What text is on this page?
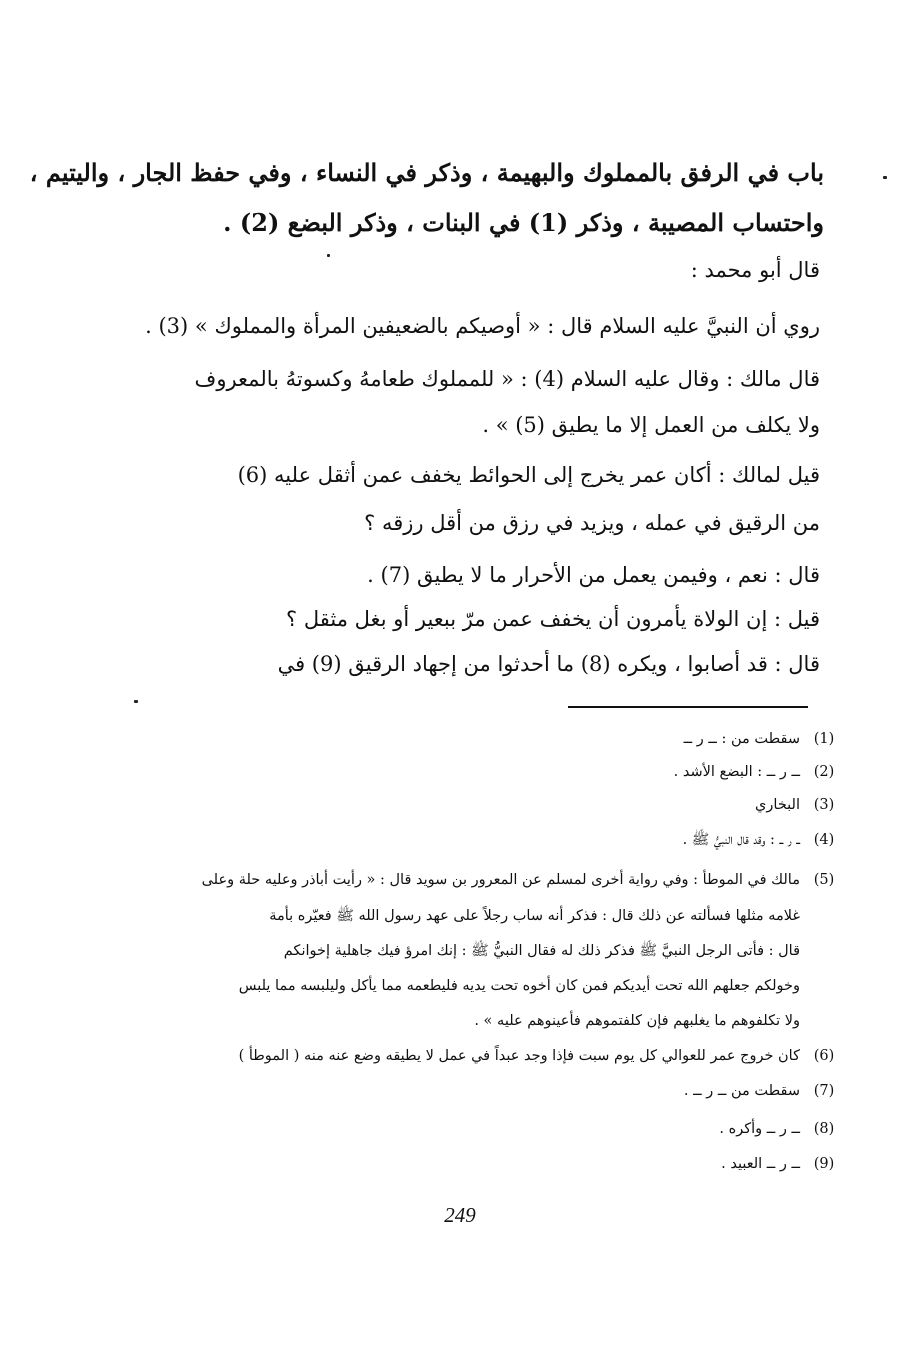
باب في الرفق بالمملوك والبهيمة ، وذكر في النساء ، وفي حفظ الجار ، واليتيم ،
واحتساب المصيبة ، وذكر (1) في البنات ، وذكر البضع (2) .
قال أبو محمد :
روي أن النبيَّ عليه السلام قال : « أوصيكم بالضعيفين المرأة والمملوك » (3) .
قال مالك : وقال عليه السلام (4) : « للمملوك طعامهُ وكسوتهُ بالمعروف
ولا يكلف من العمل إلا ما يطيق (5) » .
قيل لمالك : أكان عمر يخرج إلى الحوائط يخفف عمن أثقل عليه (6)
من الرقيق في عمله ، ويزيد في رزق من أقل رزقه ؟
قال : نعم ، وفيمن يعمل من الأحرار ما لا يطيق (7) .
قيل : إن الولاة يأمرون أن يخفف عمن مرّ ببعير أو بغل مثقل ؟
قال : قد أصابوا ، ويكره (8) ما أحدثوا من إجهاد الرقيق (9) في
(1)سقطت من : ــ ر ــ
(2)ــ ر ــ : البضع الأشد .
(3)البخاري
(4)ــ ر ــ : وقد قال النبيُّ ﷺ .
(5)مالك في الموطأ : وفي رواية أخرى لمسلم عن المعرور بن سويد قال : « رأيت أباذر وعليه حلة وعلى
غلامه مثلها فسألته عن ذلك قال : فذكر أنه ساب رجلاً على عهد رسول الله ﷺ فعيّره بأمة
قال : فأتى الرجل النبيَّ ﷺ فذكر ذلك له فقال النبيُّ ﷺ : إنك امرؤ فيك جاهلية إخوانكم
وخولكم جعلهم الله تحت أيديكم فمن كان أخوه تحت يديه فليطعمه مما يأكل وليلبسه مما يلبس
ولا تكلفوهم ما يغلبهم فإن كلفتموهم فأعينوهم عليه » .
(6)كان خروج عمر للعوالي كل يوم سبت فإذا وجد عبداً في عمل لا يطيقه وضع عنه منه ( الموطأ )
(7)سقطت من ــ ر ــ .
(8)ــ ر ــ وأكره .
(9)ــ ر ــ العبيد .
249
